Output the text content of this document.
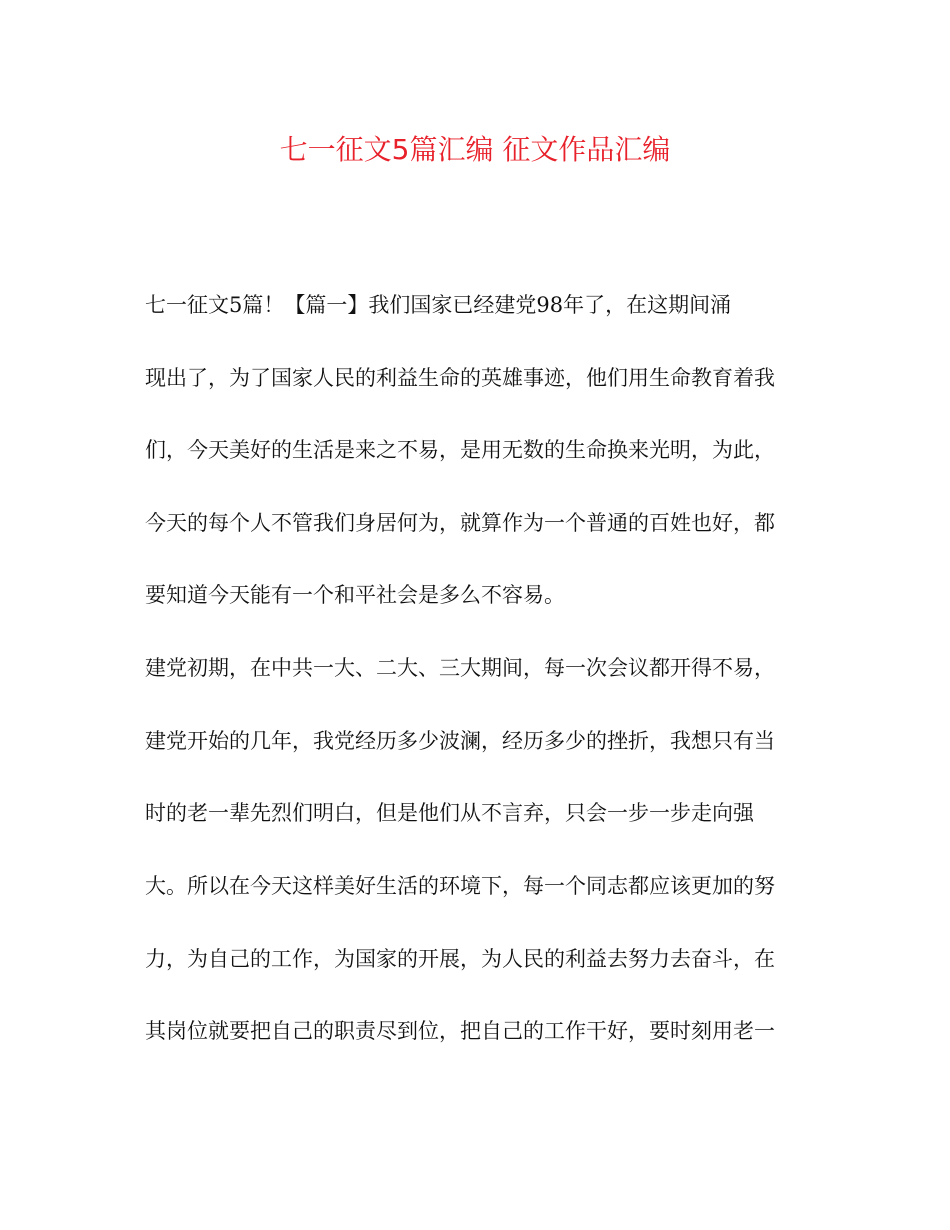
七一征文5篇汇编 征文作品汇编
七一征文5篇！【篇一】我们国家已经建党98年了，在这期间涌
现出了，为了国家人民的利益生命的英雄事迹，他们用生命教育着我
们，今天美好的生活是来之不易，是用无数的生命换来光明，为此，
今天的每个人不管我们身居何为，就算作为一个普通的百姓也好，都
要知道今天能有一个和平社会是多么不容易。
建党初期，在中共一大、二大、三大期间，每一次会议都开得不易，
建党开始的几年，我党经历多少波澜，经历多少的挫折，我想只有当
时的老一辈先烈们明白，但是他们从不言弃，只会一步一步走向强
大。所以在今天这样美好生活的环境下，每一个同志都应该更加的努
力，为自己的工作，为国家的开展，为人民的利益去努力去奋斗，在
其岗位就要把自己的职责尽到位，把自己的工作干好，要时刻用老一
